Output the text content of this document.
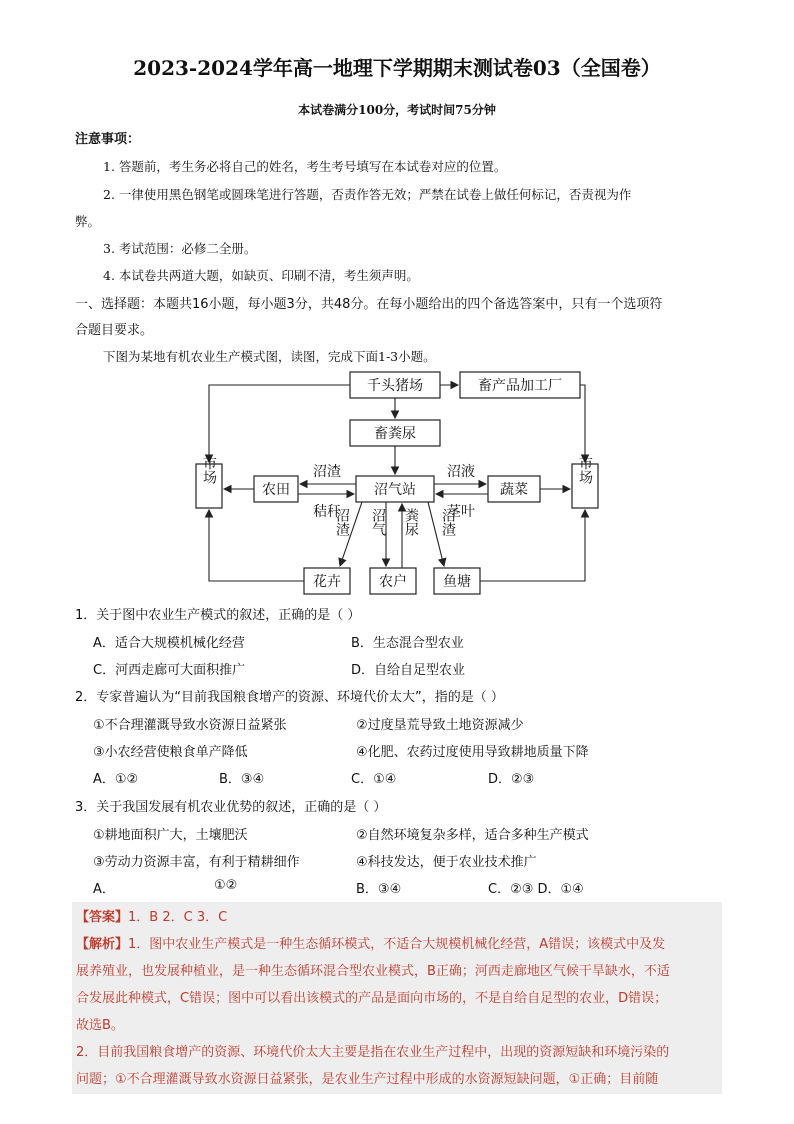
2023-2024学年高一地理下学期期末测试卷03（全国卷）
本试卷满分100分，考试时间75分钟
注意事项：
1. 答题前，考生务必将自己的姓名，考生考号填写在本试卷对应的位置。
2. 一律使用黑色钢笔或圆珠笔进行答题，否责作答无效；严禁在试卷上做任何标记，否责视为作
弊。
3. 考试范围：必修二全册。
4. 本试卷共两道大题，如缺页、印刷不清，考生须声明。
一、选择题：本题共16小题，每小题3分，共48分。在每小题给出的四个备选答案中，只有一个选项符
合题目要求。
下图为某地有机农业生产模式图，读图，完成下面1-3小题。
千头猪场	畜产品加工厂
畜粪尿
农田	沼气站	蔬菜
花卉	农户	鱼塘
沼渣
秸秆
沼液
茎叶
市场	市场
沼渣 沼气 粪尿 沼渣
1．关于图中农业生产模式的叙述，正确的是（ ）
A．适合大规模机械化经营	B．生态混合型农业
C．河西走廊可大面积推广	D．自给自足型农业
2．专家普遍认为“目前我国粮食增产的资源、环境代价太大”，指的是（ ）
①不合理灌溉导致水资源日益紧张	②过度垦荒导致土地资源减少
③小农经营使粮食单产降低	④化肥、农药过度使用导致耕地质量下降
A．①②	B．③④	C．①④	D．②③
3．关于我国发展有机农业优势的叙述，正确的是（ ）
①耕地面积广大，土壤肥沃	②自然环境复杂多样，适合多种生产模式
③劳动力资源丰富，有利于精耕细作	④科技发达，便于农业技术推广
A．	①②	B．③④	C．②③ D．①④
【答案】1．B 2．C 3．C
【解析】1．图中农业生产模式是一种生态循环模式，不适合大规模机械化经营，A错误；该模式中及发
展养殖业，也发展种植业，是一种生态循环混合型农业模式，B正确；河西走廊地区气候干旱缺水，不适
合发展此种模式，C错误；图中可以看出该模式的产品是面向市场的，不是自给自足型的农业，D错误；
故选B。
2．目前我国粮食增产的资源、环境代价太大主要是指在农业生产过程中，出现的资源短缺和环境污染的
问题；①不合理灌溉导致水资源日益紧张，是农业生产过程中形成的水资源短缺问题，①正确；目前随
